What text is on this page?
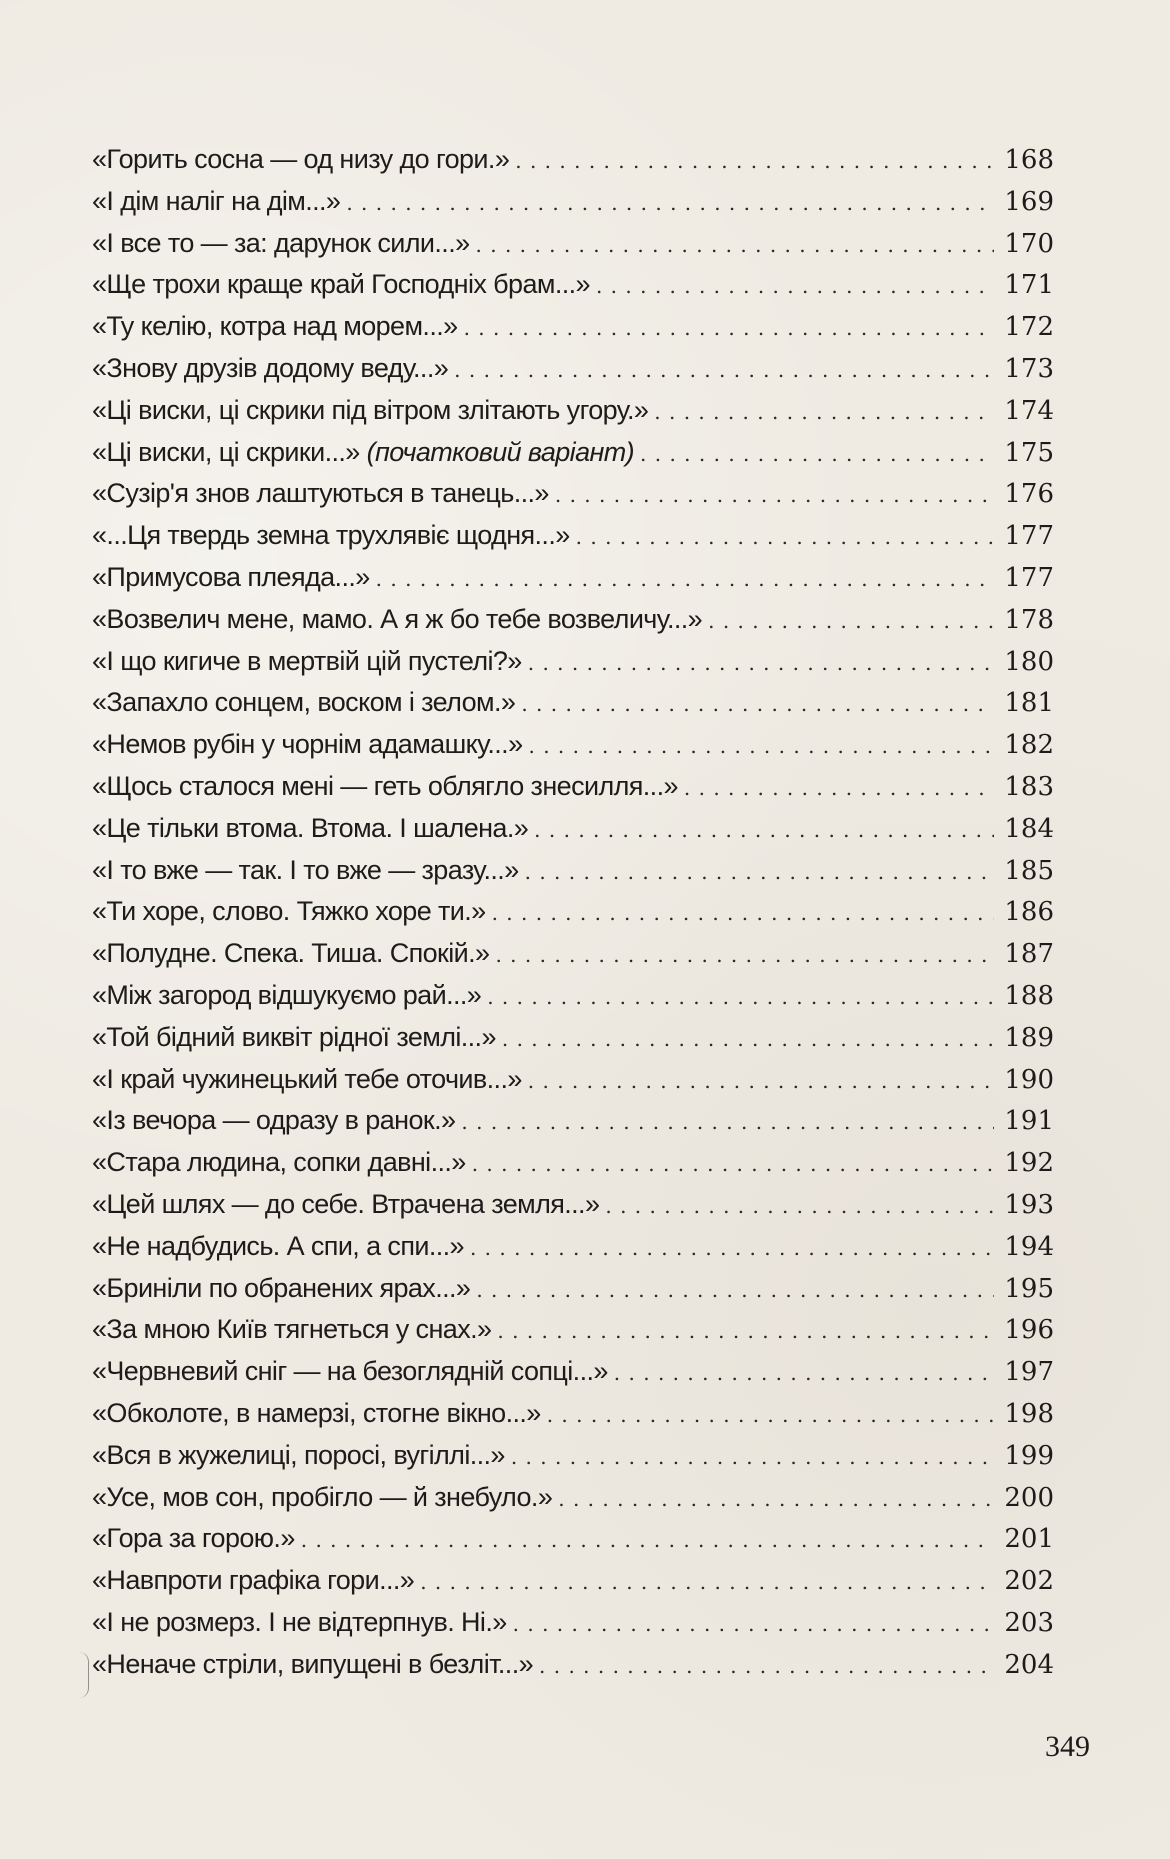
«Горить сосна — од низу до гори.» . . .	168
«І дім наліг на дім...» . . .	169
«І все то — за: дарунок сили...» . . .	170
«Ще трохи краще край Господніх брам...» . . .	171
«Ту келію, котра над морем...» . . .	172
«Знову друзів додому веду...» . . .	173
«Ці виски, ці скрики під вітром злітають угору.» . . .	174
«Ці виски, ці скрики...» (початковий варіант) . . .	175
«Сузір'я знов лаштуються в танець...» . . .	176
«...Ця твердь земна трухлявіє щодня...» . . .	177
«Примусова плеяда...» . . .	177
«Возвелич мене, мамо. А я ж бо тебе возвеличу...» . . .	178
«І що кигиче в мертвій цій пустелі?» . . .	180
«Запахло сонцем, воском і зелом.» . . .	181
«Немов рубін у чорнім адамашку...» . . .	182
«Щось сталося мені — геть облягло знесилля...» . . .	183
«Це тільки втома. Втома. І шалена.» . . .	184
«І то вже — так. І то вже — зразу...» . . .	185
«Ти хоре, слово. Тяжко хоре ти.» . . .	186
«Полудне. Спека. Тиша. Спокій.» . . .	187
«Між загород відшукуємо рай...» . . .	188
«Той бідний виквіт рідної землі...» . . .	189
«І край чужинецький тебе оточив...» . . .	190
«Із вечора — одразу в ранок.» . . .	191
«Стара людина, сопки давні...» . . .	192
«Цей шлях — до себе. Втрачена земля...» . . .	193
«Не надбудись. А спи, а спи...» . . .	194
«Бриніли по обранених ярах...» . . .	195
«За мною Київ тягнеться у снах.» . . .	196
«Червневий сніг — на безоглядній сопці...» . . .	197
«Обколоте, в намерзі, стогне вікно...» . . .	198
«Вся в жужелиці, поросі, вугіллі...» . . .	199
«Усе, мов сон, пробігло — й знебуло.» . . .	200
«Гора за горою.» . . .	201
«Навпроти графіка гори...» . . .	202
«І не розмерз. І не відтерпнув. Ні.» . . .	203
«Неначе стріли, випущені в безліт...» . . .	204
349
